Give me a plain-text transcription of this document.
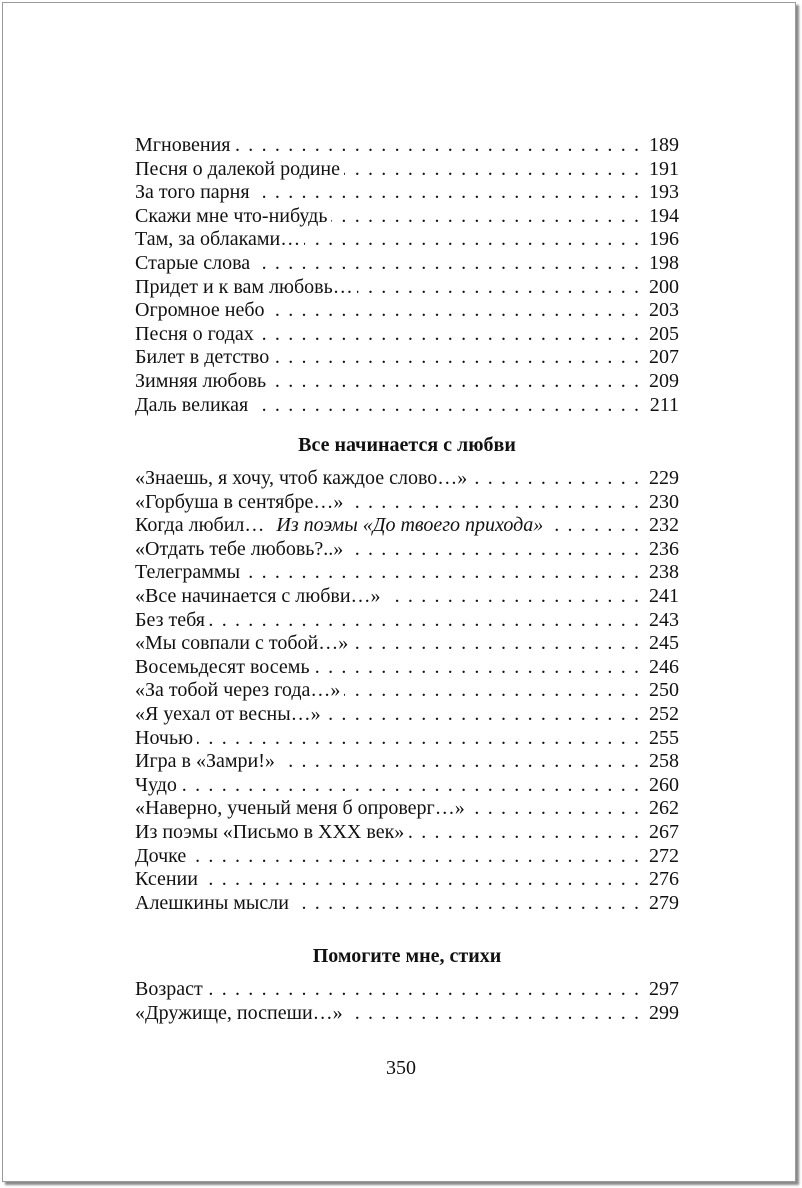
Мгновения . . .	189
Песня о далекой родине . . .	191
За того парня . . .	193
Скажи мне что-нибудь . . .	194
Там, за облаками… . . .	196
Старые слова . . .	198
Придет и к вам любовь… . . .	200
Огромное небо . . .	203
Песня о годах . . .	205
Билет в детство . . .	207
Зимняя любовь . . .	209
Даль великая . . .	211
Все начинается с любви
«Знаешь, я хочу, чтоб каждое слово…» . . .	229
«Горбуша в сентябре…» . . .	230
Когда любил… Из поэмы «До твоего прихода» . . .	232
«Отдать тебе любовь?..» . . .	236
Телеграммы . . .	238
«Все начинается с любви…» . . .	241
Без тебя . . .	243
«Мы совпали с тобой…» . . .	245
Восемьдесят восемь . . .	246
«За тобой через года…» . . .	250
«Я уехал от весны…» . . .	252
Ночью . . .	255
Игра в «Замри!» . . .	258
Чудо . . .	260
«Наверно, ученый меня б опроверг…» . . .	262
Из поэмы «Письмо в XXX век» . . .	267
Дочке . . .	272
Ксении . . .	276
Алешкины мысли . . .	279
Помогите мне, стихи
Возраст . . .	297
«Дружище, поспеши…» . . .	299
350
